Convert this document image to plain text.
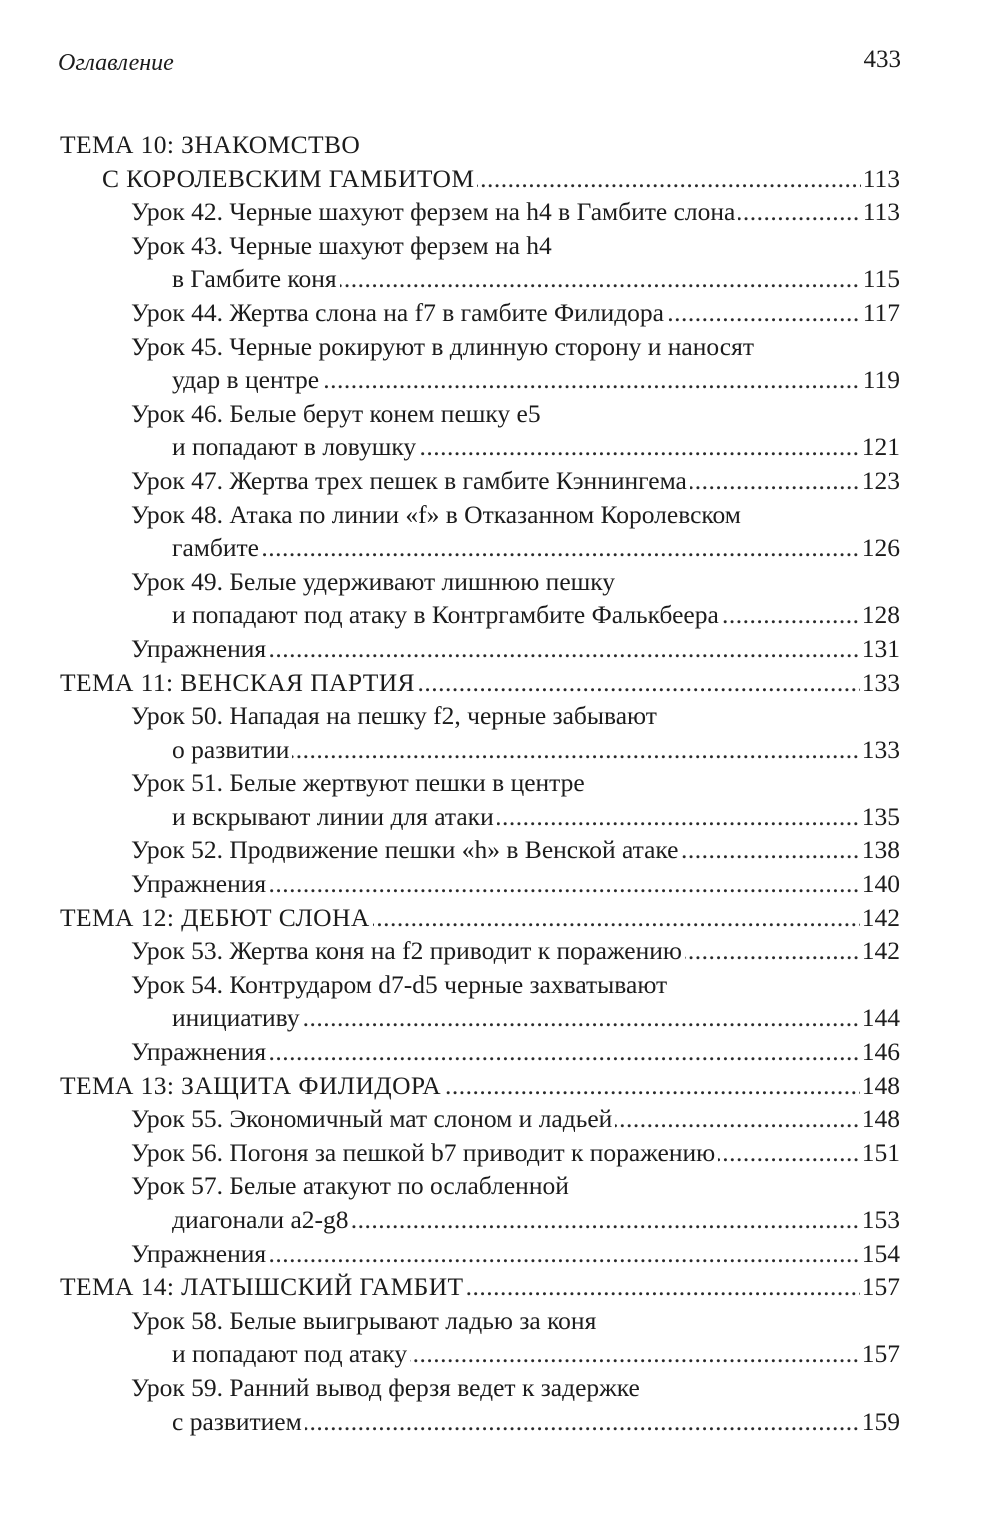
Оглавление	433
ТЕМА 10: ЗНАКОМСТВО
.....
С КОРОЛЕВСКИМ ГАМБИТОМ	113
.....
Урок 42. Черные шахуют ферзем на h4 в Гамбите слона	113
Урок 43. Черные шахуют ферзем на h4
.....
в Гамбите коня	115
.....
Урок 44. Жертва слона на f7 в гамбите Филидора	117
Урок 45. Черные рокируют в длинную сторону и наносят
.....
удар в центре	119
Урок 46. Белые берут конем пешку е5
.....
и попадают в ловушку	121
.....
Урок 47. Жертва трех пешек в гамбите Кэннингема	123
Урок 48. Атака по линии «f» в Отказанном Королевском
.....
гамбите	126
Урок 49. Белые удерживают лишнюю пешку
.....
и попадают под атаку в Контргамбите Фалькбеера	128
.....
Упражнения	131
.....
ТЕМА 11: ВЕНСКАЯ ПАРТИЯ	133
Урок 50. Нападая на пешку f2, черные забывают
.....
о развитии	133
Урок 51. Белые жертвуют пешки в центре
.....
и вскрывают линии для атаки	135
.....
Урок 52. Продвижение пешки «h» в Венской атаке	138
.....
Упражнения	140
.....
ТЕМА 12: ДЕБЮТ СЛОНА	142
.....
Урок 53. Жертва коня на f2 приводит к поражению	142
Урок 54. Контрударом d7-d5 черные захватывают
.....
инициативу	144
.....
Упражнения	146
.....
ТЕМА 13: ЗАЩИТА ФИЛИДОРА	148
.....
Урок 55. Экономичный мат слоном и ладьей	148
.....
Урок 56. Погоня за пешкой b7 приводит к поражению	151
Урок 57. Белые атакуют по ослабленной
.....
диагонали a2-g8	153
.....
Упражнения	154
.....
ТЕМА 14: ЛАТЫШСКИЙ ГАМБИТ	157
Урок 58. Белые выигрывают ладью за коня
.....
и попадают под атаку	157
Урок 59. Ранний вывод ферзя ведет к задержке
.....
с развитием	159
